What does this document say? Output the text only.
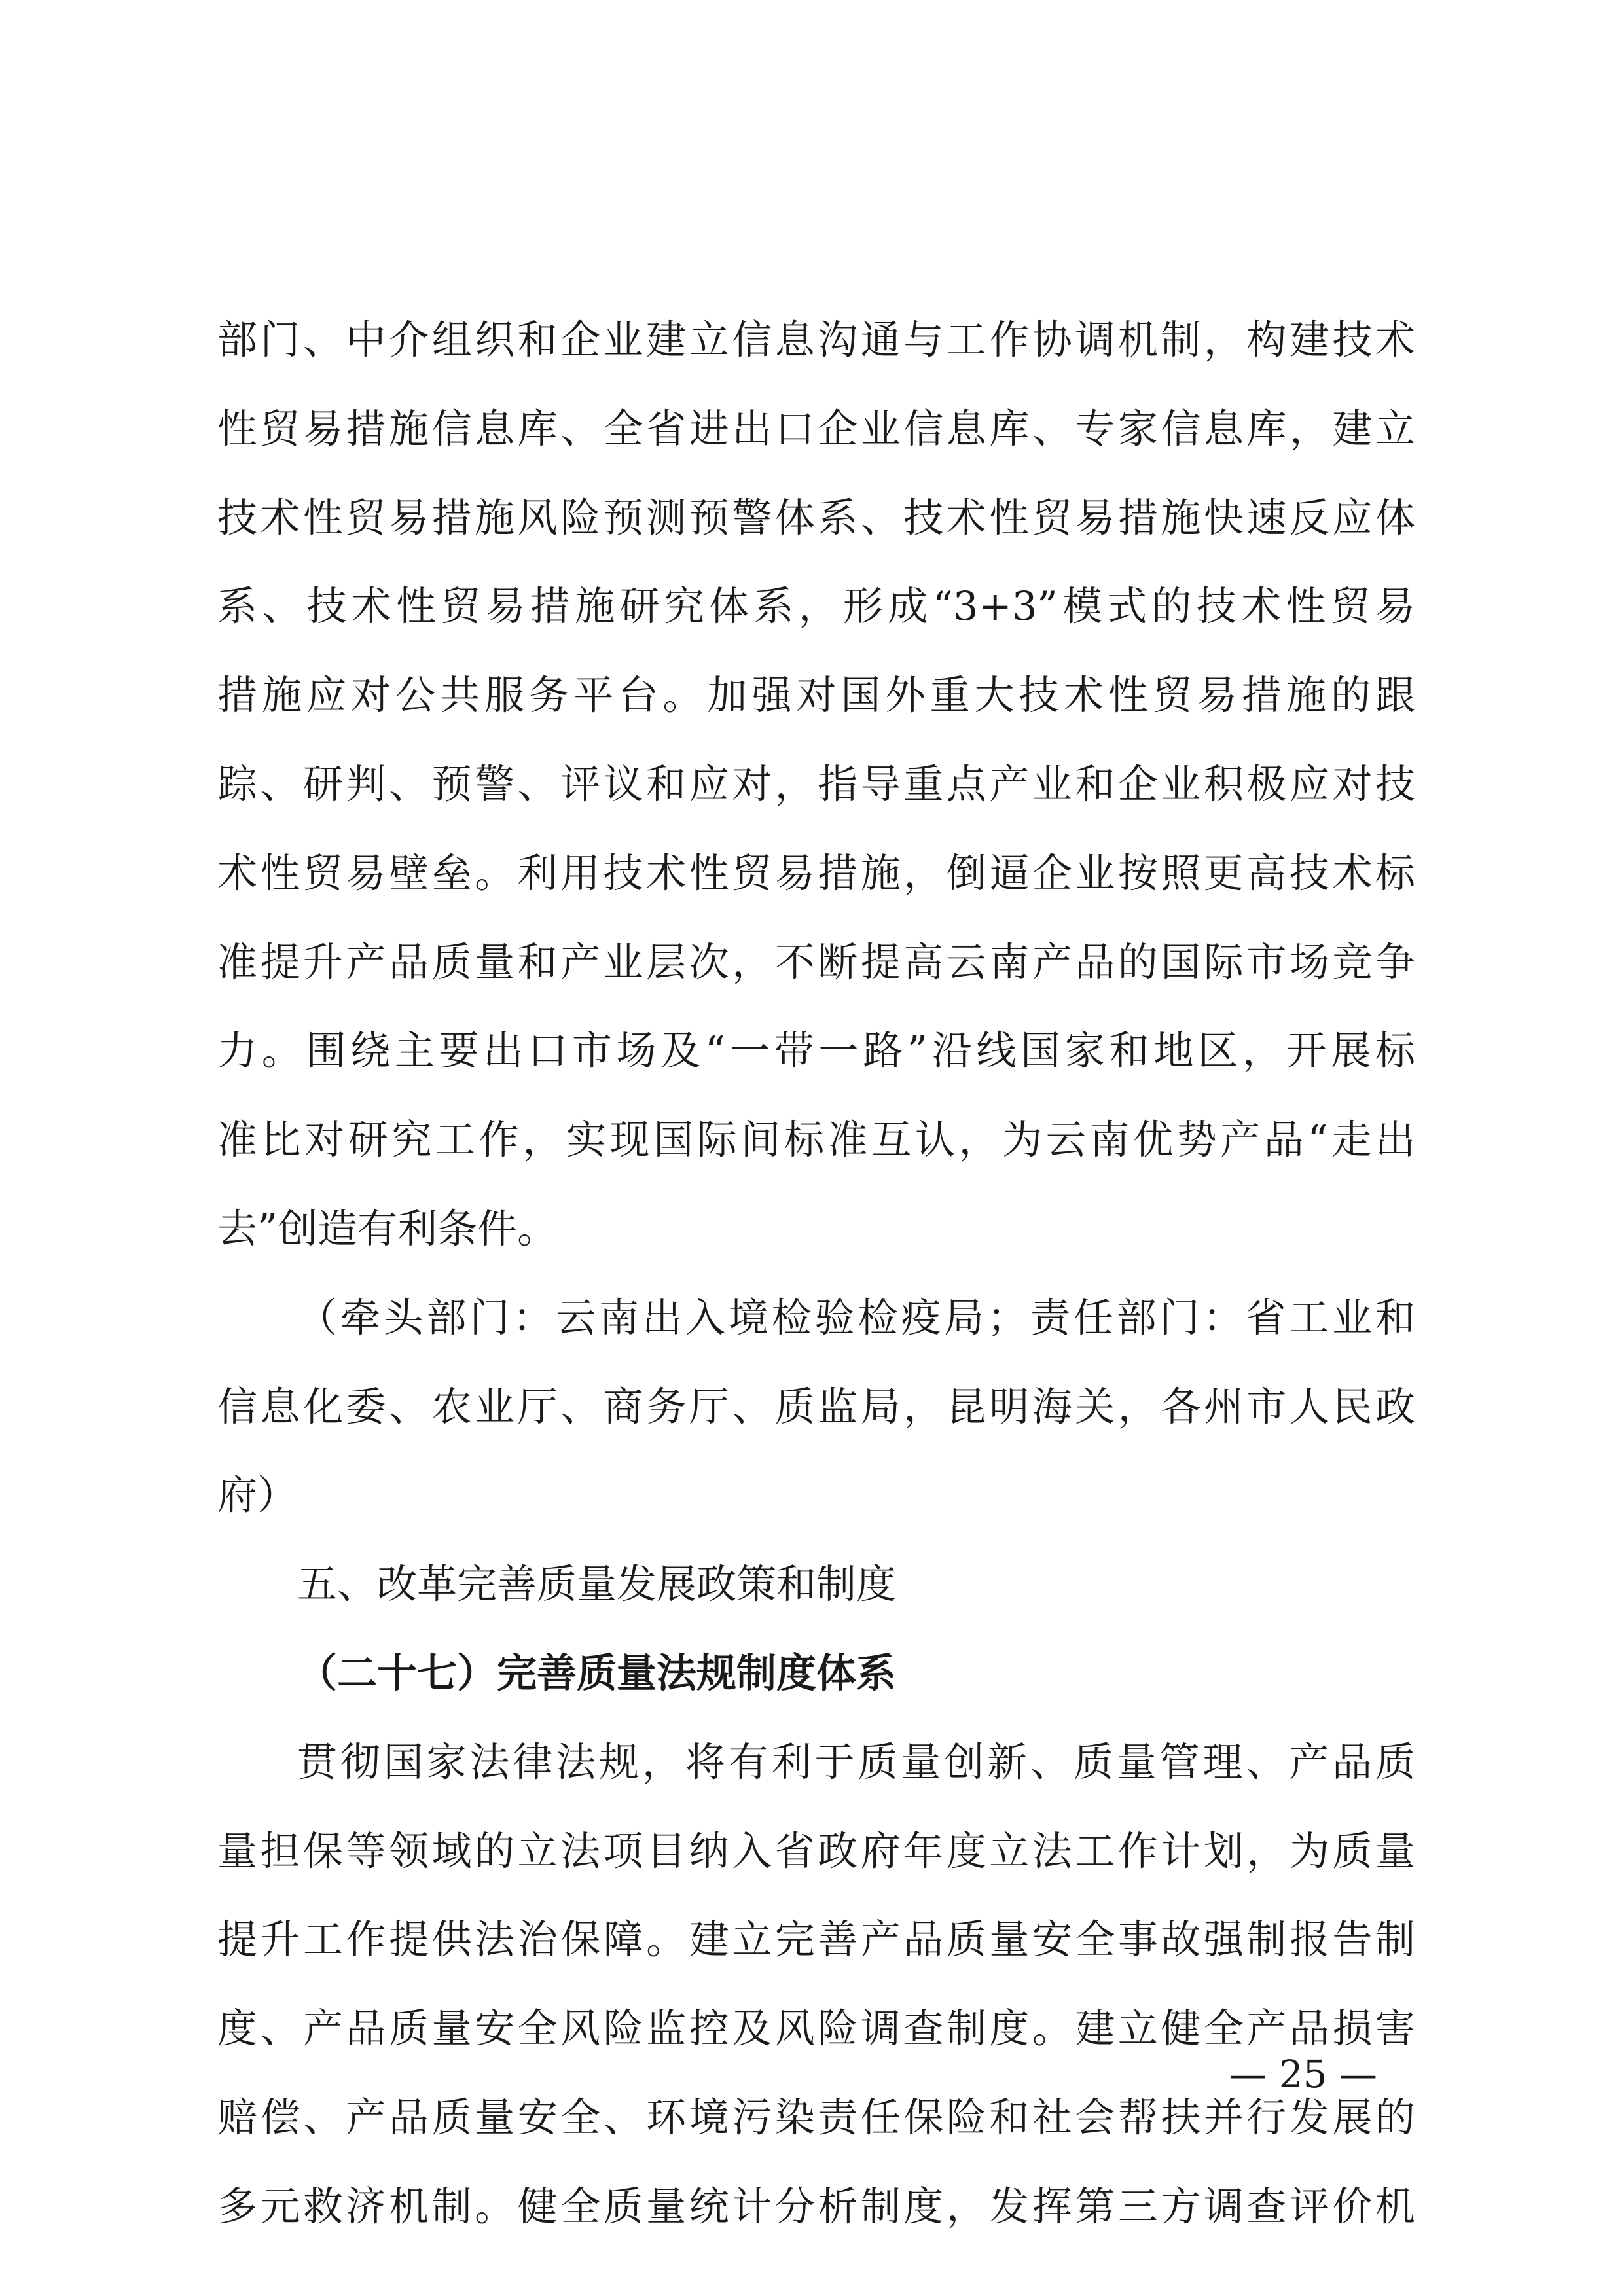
部门、中介组织和企业建立信息沟通与工作协调机制，构建技术
性贸易措施信息库、全省进出口企业信息库、专家信息库，建立
技术性贸易措施风险预测预警体系、技术性贸易措施快速反应体
系、技术性贸易措施研究体系，形成“3+3”模式的技术性贸易
措施应对公共服务平台。加强对国外重大技术性贸易措施的跟
踪、研判、预警、评议和应对，指导重点产业和企业积极应对技
术性贸易壁垒。利用技术性贸易措施，倒逼企业按照更高技术标
准提升产品质量和产业层次，不断提高云南产品的国际市场竞争
力。围绕主要出口市场及“一带一路”沿线国家和地区，开展标
准比对研究工作，实现国际间标准互认，为云南优势产品“走出
去”创造有利条件。
（牵头部门：云南出入境检验检疫局；责任部门：省工业和
信息化委、农业厅、商务厅、质监局，昆明海关，各州市人民政
府）
五、改革完善质量发展政策和制度
（二十七）完善质量法规制度体系
贯彻国家法律法规，将有利于质量创新、质量管理、产品质
量担保等领域的立法项目纳入省政府年度立法工作计划，为质量
提升工作提供法治保障。建立完善产品质量安全事故强制报告制
度、产品质量安全风险监控及风险调查制度。建立健全产品损害
赔偿、产品质量安全、环境污染责任保险和社会帮扶并行发展的
多元救济机制。健全质量统计分析制度，发挥第三方调查评价机
— 25 —
